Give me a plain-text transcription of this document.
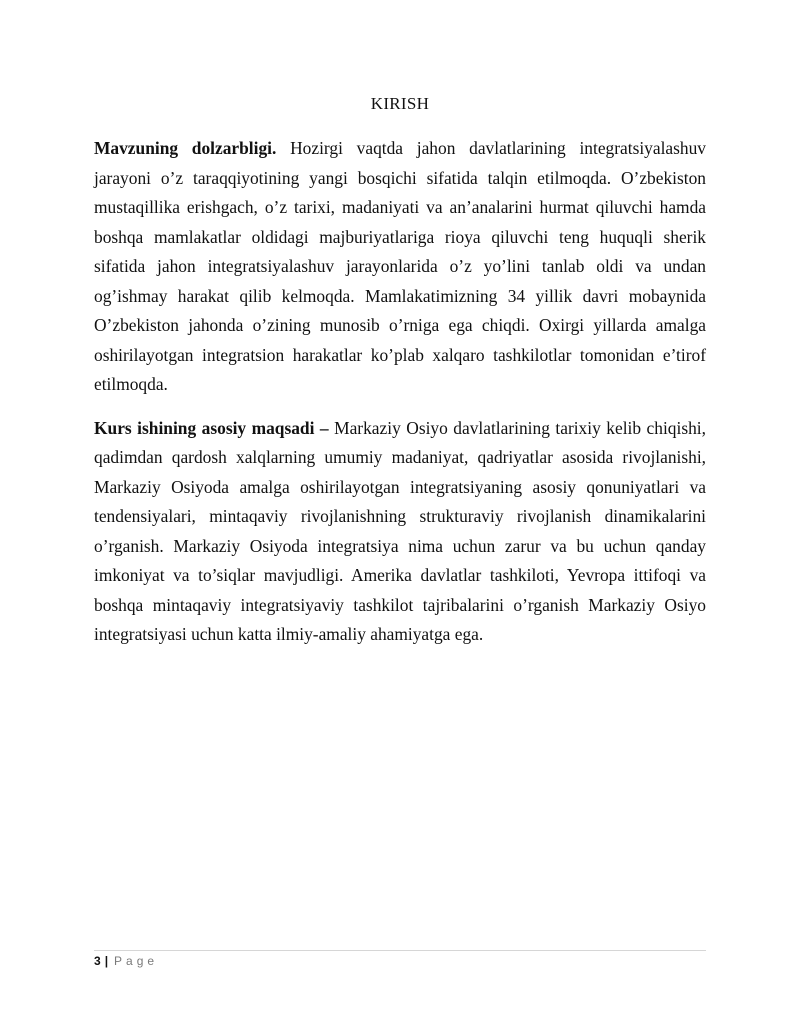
KIRISH

Mavzuning dolzarbligi. Hozirgi vaqtda jahon davlatlarining integratsiyalashuv jarayoni o’z taraqqiyotining yangi bosqichi sifatida talqin etilmoqda. O’zbekiston mustaqillika erishgach, o’z tarixi, madaniyati va an’analarini hurmat qiluvchi hamda boshqa mamlakatlar oldidagi majburiyatlariga rioya qiluvchi teng huquqli sherik sifatida jahon integratsiyalashuv jarayonlarida o’z yo’lini tanlab oldi va undan og’ishmay harakat qilib kelmoqda. Mamlakatimizning 34 yillik davri mobaynida O’zbekiston jahonda o’zining munosib o’rniga ega chiqdi. Oxirgi yillarda amalga oshirilayotgan integratsion harakatlar ko’plab xalqaro tashkilotlar tomonidan e’tirof etilmoqda.

Kurs ishining asosiy maqsadi – Markaziy Osiyo davlatlarining tarixiy kelib chiqishi, qadimdan qardosh xalqlarning umumiy madaniyat, qadriyatlar asosida rivojlanishi, Markaziy Osiyoda amalga oshirilayotgan integratsiyaning asosiy qonuniyatlari va tendensiyalari, mintaqaviy rivojlanishning strukturaviy rivojlanish dinamikalarini o’rganish. Markaziy Osiyoda integratsiya nima uchun zarur va bu uchun qanday imkoniyat va to’siqlar mavjudligi. Amerika davlatlar tashkiloti, Yevropa ittifoqi va boshqa mintaqaviy integratsiyaviy tashkilot tajribalarini o’rganish Markaziy Osiyo integratsiyasi uchun katta ilmiy-amaliy ahamiyatga ega.

3 | Page
